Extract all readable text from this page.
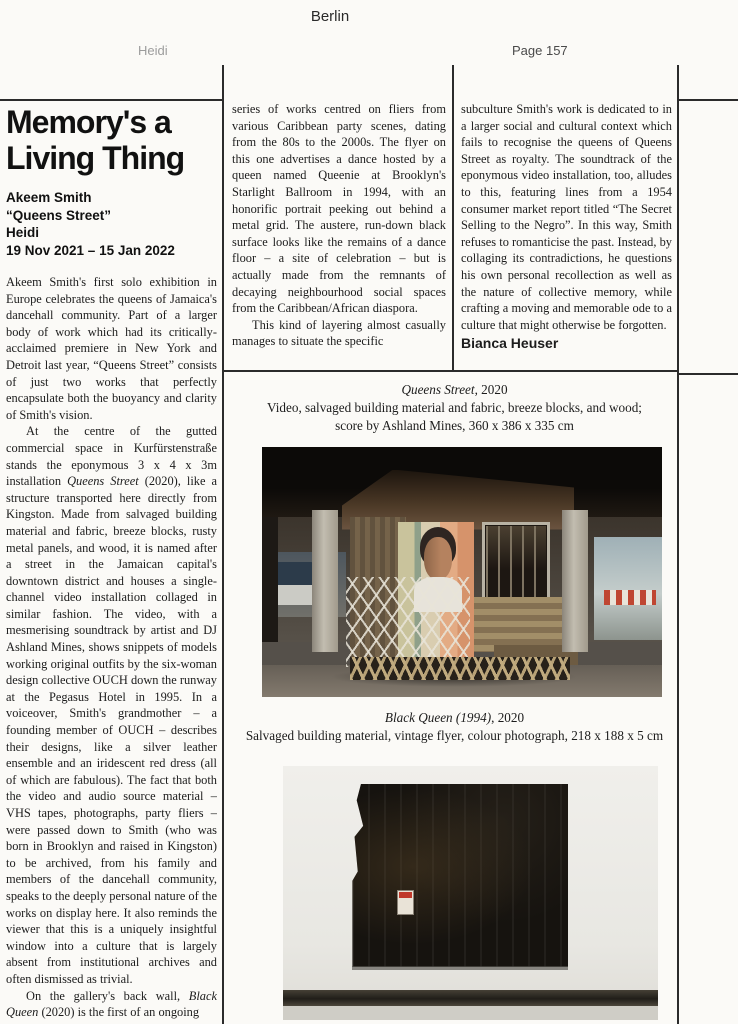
Berlin
Heidi	Page 157
Memory's a
Living Thing
Akeem Smith
“Queens Street”
Heidi
19 Nov 2021 – 15 Jan 2022

Akeem Smith's first solo exhibition in Europe celebrates the queens of Jamaica's dancehall community. Part of a larger body of work which had its critically-acclaimed premiere in New York and Detroit last year, “Queens Street” consists of just two works that perfectly encapsulate both the buoyancy and clarity of Smith's vision.

At the centre of the gutted commercial space in Kurfürstenstraße stands the eponymous 3 x 4 x 3m installation Queens Street (2020), like a structure transported here directly from Kingston. Made from salvaged building material and fabric, breeze blocks, rusty metal panels, and wood, it is named after a street in the Jamaican capital's downtown district and houses a single-channel video installation collaged in similar fashion. The video, with a mesmerising soundtrack by artist and DJ Ashland Mines, shows snippets of models working original outfits by the six-woman design collective OUCH down the runway at the Pegasus Hotel in 1995. In a voiceover, Smith's grandmother – a founding member of OUCH – describes their designs, like a silver leather ensemble and an iridescent red dress (all of which are fabulous). The fact that both the video and audio source material – VHS tapes, photographs, party fliers – were passed down to Smith (who was born in Brooklyn and raised in Kingston) to be archived, from his family and members of the dancehall community, speaks to the deeply personal nature of the works on display here. It also reminds the viewer that this is a uniquely insightful window into a culture that is largely absent from institutional archives and often dismissed as trivial.

On the gallery's back wall, Black Queen (2020) is the first of an ongoing

series of works centred on fliers from various Caribbean party scenes, dating from the 80s to the 2000s. The flyer on this one advertises a dance hosted by a queen named Queenie at Brooklyn's Starlight Ballroom in 1994, with an honorific portrait peeking out behind a metal grid. The austere, run-down black surface looks like the remains of a dance floor – a site of celebration – but is actually made from the remnants of decaying neighbourhood social spaces from the Caribbean/African diaspora.

This kind of layering almost casually manages to situate the specific

subculture Smith's work is dedicated to in a larger social and cultural context which fails to recognise the queens of Queens Street as royalty. The soundtrack of the eponymous video installation, too, alludes to this, featuring lines from a 1954 consumer market report titled “The Secret Selling to the Negro”. In this way, Smith refuses to romanticise the past. Instead, by collaging its contradictions, he questions his own personal recollection as well as the nature of collective memory, while crafting a moving and memorable ode to a culture that might otherwise be forgotten.

Bianca Heuser
Queens Street, 2020
Video, salvaged building material and fabric, breeze blocks, and wood;
score by Ashland Mines, 360 x 386 x 335 cm
Black Queen (1994), 2020
Salvaged building material, vintage flyer, colour photograph, 218 x 188 x 5 cm
